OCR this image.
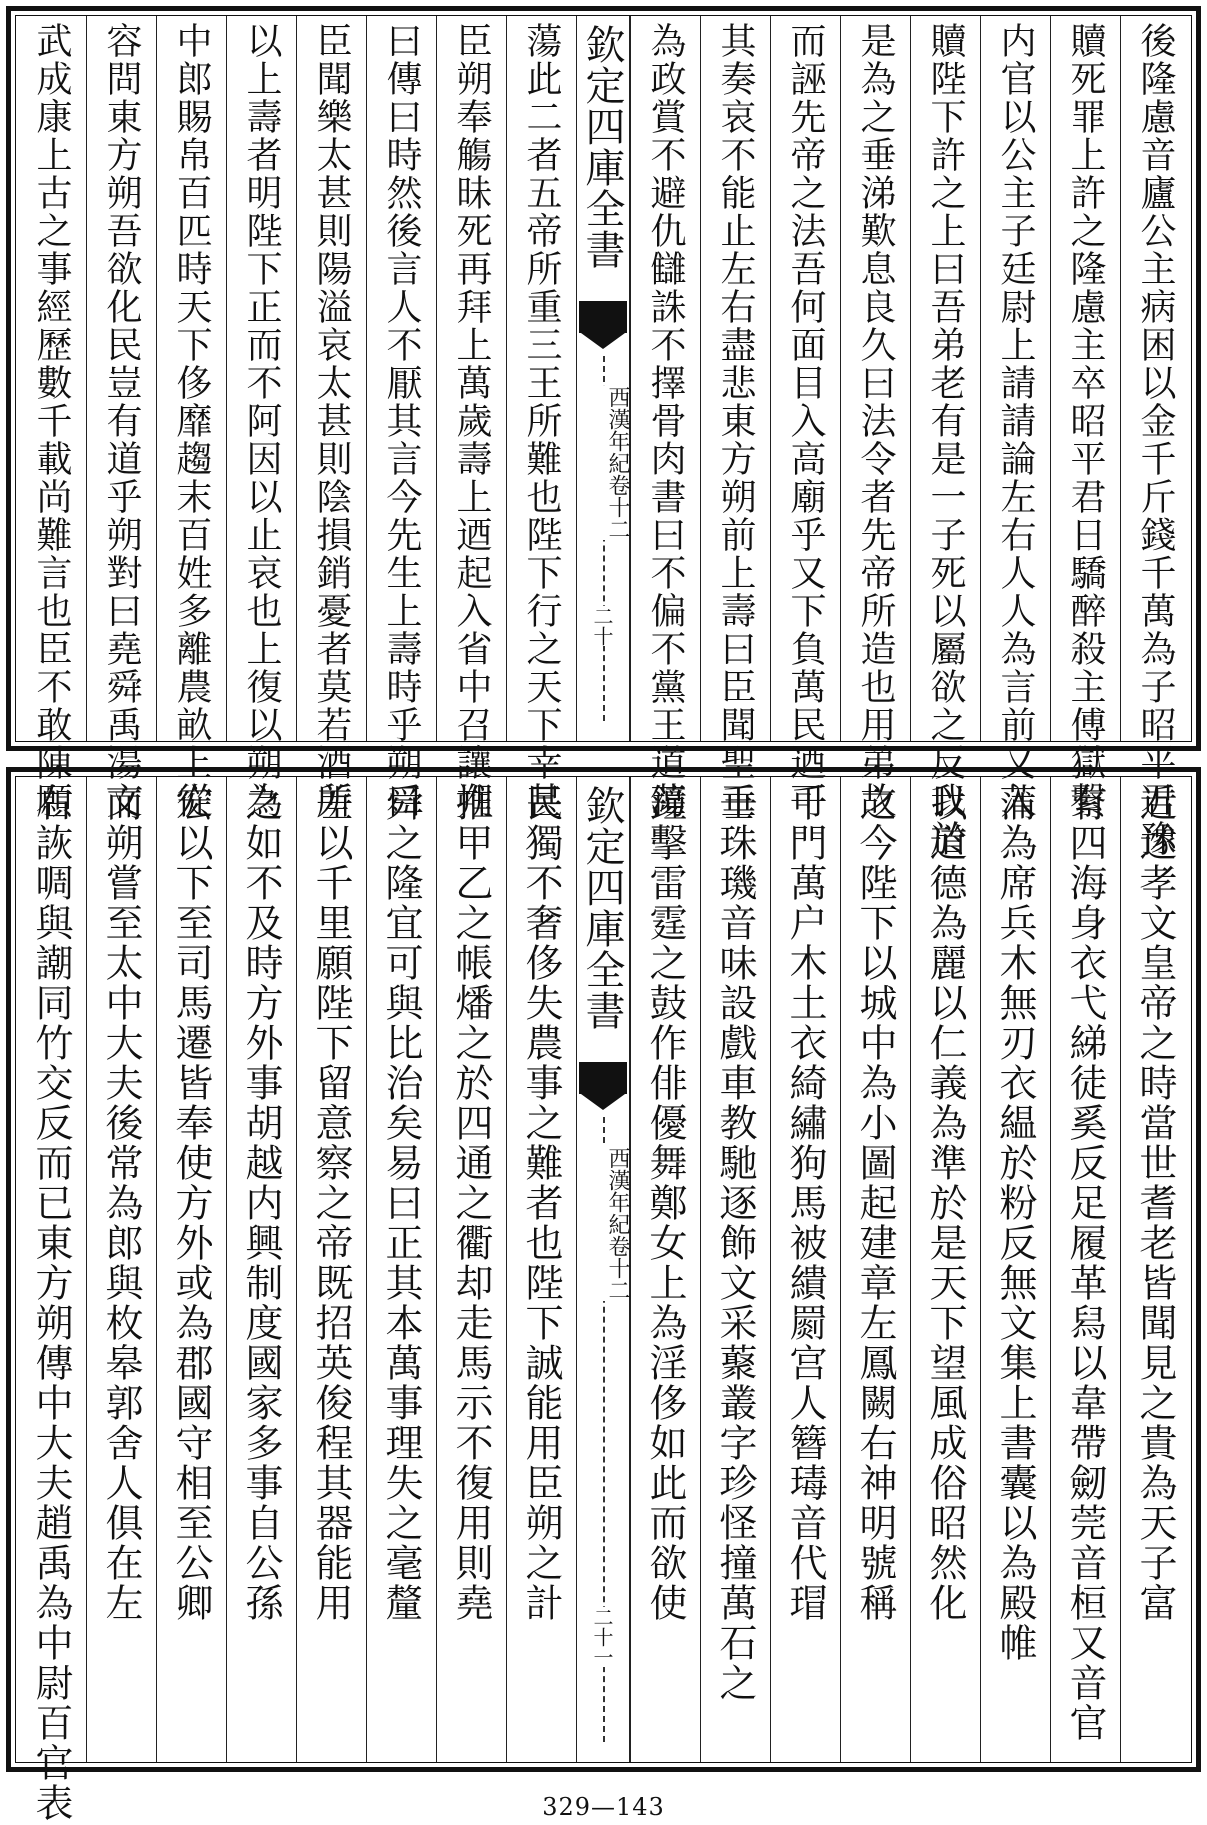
後隆慮音廬公主病困以金千斤錢千萬為子昭平君豫
贖死罪上許之隆慮主卒昭平君日驕醉殺主傅獄繫
内官以公主子廷尉上請請論左右人人為言前又入
贖陛下許之上曰吾弟老有是一子死以屬欲之反我於
是為之垂涕歎息良久曰法令者先帝所造也用弟故
而誣先帝之法吾何面目入高廟乎又下負萬民迺可
其奏哀不能止左右盡悲東方朔前上壽曰臣聞聖王
為政賞不避仇讎誅不擇骨肉書曰不偏不黨王道蕩
欽定四庫全書
西漢年紀
卷十二
二十
蕩此二者五帝所重三王所難也陛下行之天下幸甚
臣朔奉觴昧死再拜上萬歲壽上迺起入省中召讓朔
曰傳曰時然後言人不厭其言今先生上壽時乎朔曰
臣聞樂太甚則陽溢哀太甚則陰損銷憂者莫若酒所
以上壽者明陛下正而不阿因以止哀也上復以朔為
中郎賜帛百匹時天下侈靡趨末百姓多離農畝上從
容問東方朔吾欲化民豈有道乎朔對曰堯舜禹湯文
武成康上古之事經歷數千載尚難言也臣不敢陳願
近述孝文皇帝之時當世耆老皆聞見之貴為天子富
有四海身衣弋綈徒奚反足履革舄以韋帶劒莞音桓又音官
蒲為席兵木無刃衣緼於粉反無文集上書囊以為殿帷
以道德為麗以仁義為準於是天下望風成俗昭然化
之今陛下以城中為小圖起建章左鳳闕右神明號稱
千門萬户木土衣綺繡狗馬被繢罽宫人簪瑇音代瑁
垂珠璣音味設戲車教馳逐飾文采藂叢字珍怪撞萬石之
鐘擊雷霆之鼓作俳優舞鄭女上為淫侈如此而欲使
欽定四庫全書
西漢年紀
卷十二
二十一
民獨不奢侈失農事之難者也陛下誠能用臣朔之計
推甲乙之帳燔之於四通之衢却走馬示不復用則堯
舜之隆宜可與比治矣易曰正其本萬事理失之毫釐
差以千里願陛下留意察之帝既招英俊程其器能用
之如不及時方外事胡越内興制度國家多事自公孫
宏以下至司馬遷皆奉使方外或為郡國守相至公卿
而朔嘗至太中大夫後常為郎與枚皋郭舍人俱在左
右詼啁與謿同竹交反而已東方朔傳中大夫趙禹為中尉百官表	329—143
